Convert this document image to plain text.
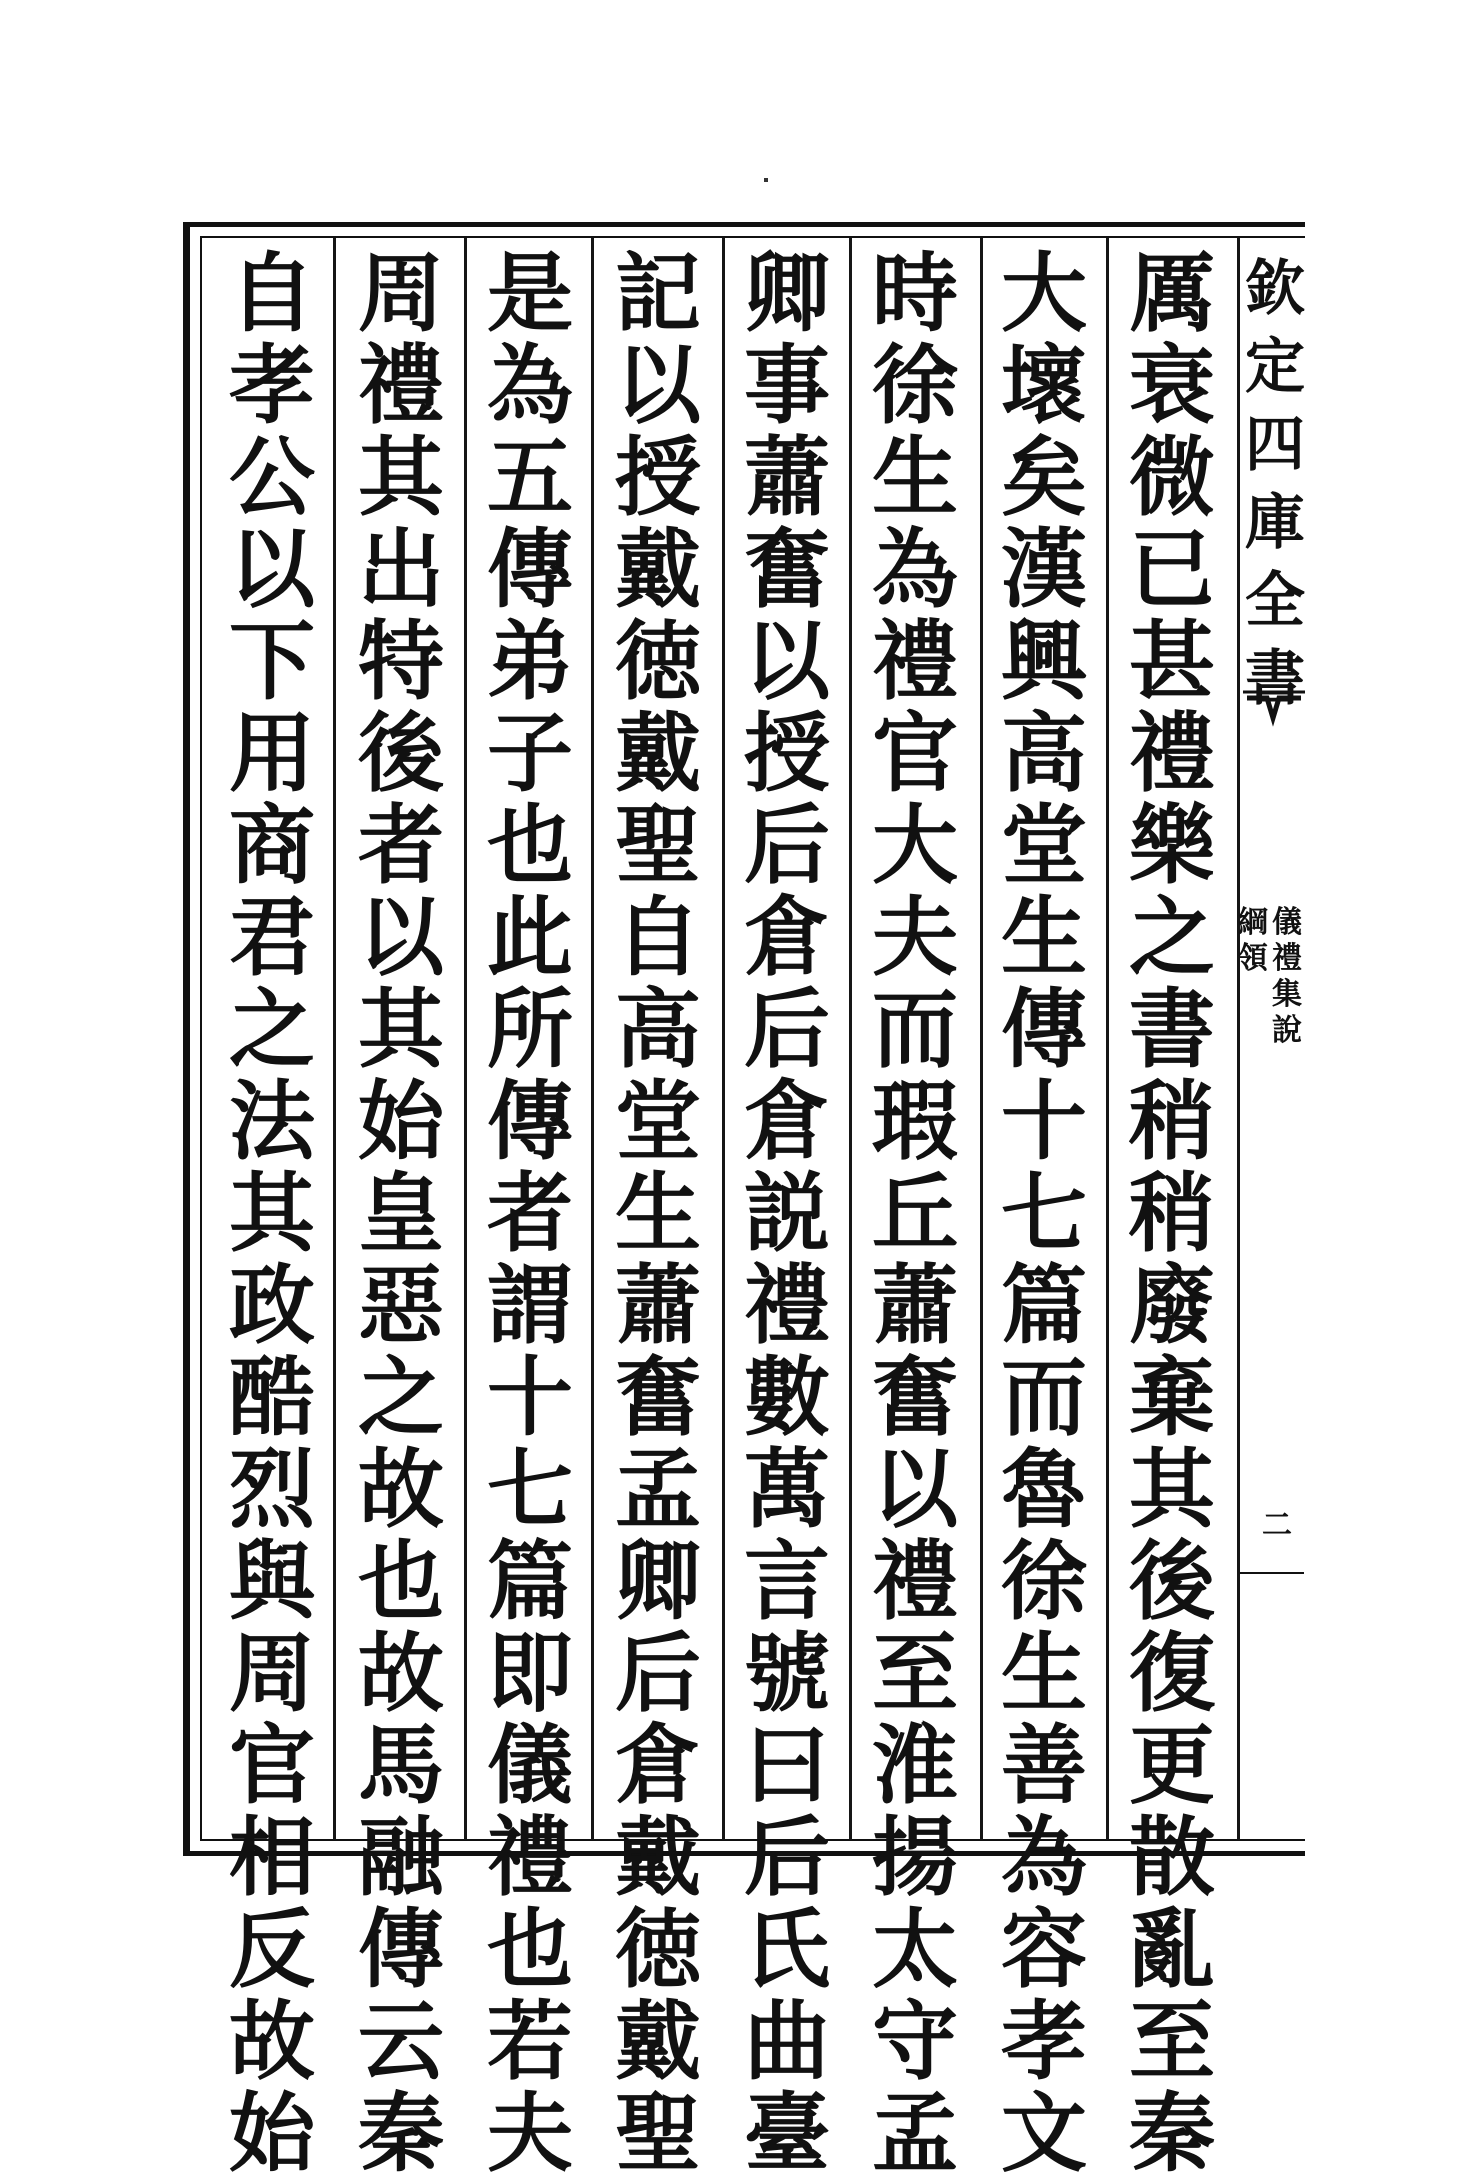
厲
衰
微
已
甚
禮
樂
之
書
稍
稍
廢
棄
其
後
復
更
散
亂
至
秦
大
壞
矣
漢
興
高
堂
生
傳
十
七
篇
而
魯
徐
生
善
為
容
孝
文
時
徐
生
為
禮
官
大
夫
而
瑕
丘
蕭
奮
以
禮
至
淮
揚
太
守
孟
卿
事
蕭
奮
以
授
后
倉
后
倉
説
禮
數
萬
言
號
曰
后
氏
曲
臺
記
以
授
戴
徳
戴
聖
自
高
堂
生
蕭
奮
孟
卿
后
倉
戴
徳
戴
聖
是
為
五
傳
弟
子
也
此
所
傳
者
謂
十
七
篇
即
儀
禮
也
若
夫
周
禮
其
出
特
後
者
以
其
始
皇
惡
之
故
也
故
馬
融
傳
云
秦
自
孝
公
以
下
用
商
君
之
法
其
政
酷
烈
與
周
官
相
反
故
始
欽
定
四
庫
全
書
儀
禮
集
說
綱
領
二
